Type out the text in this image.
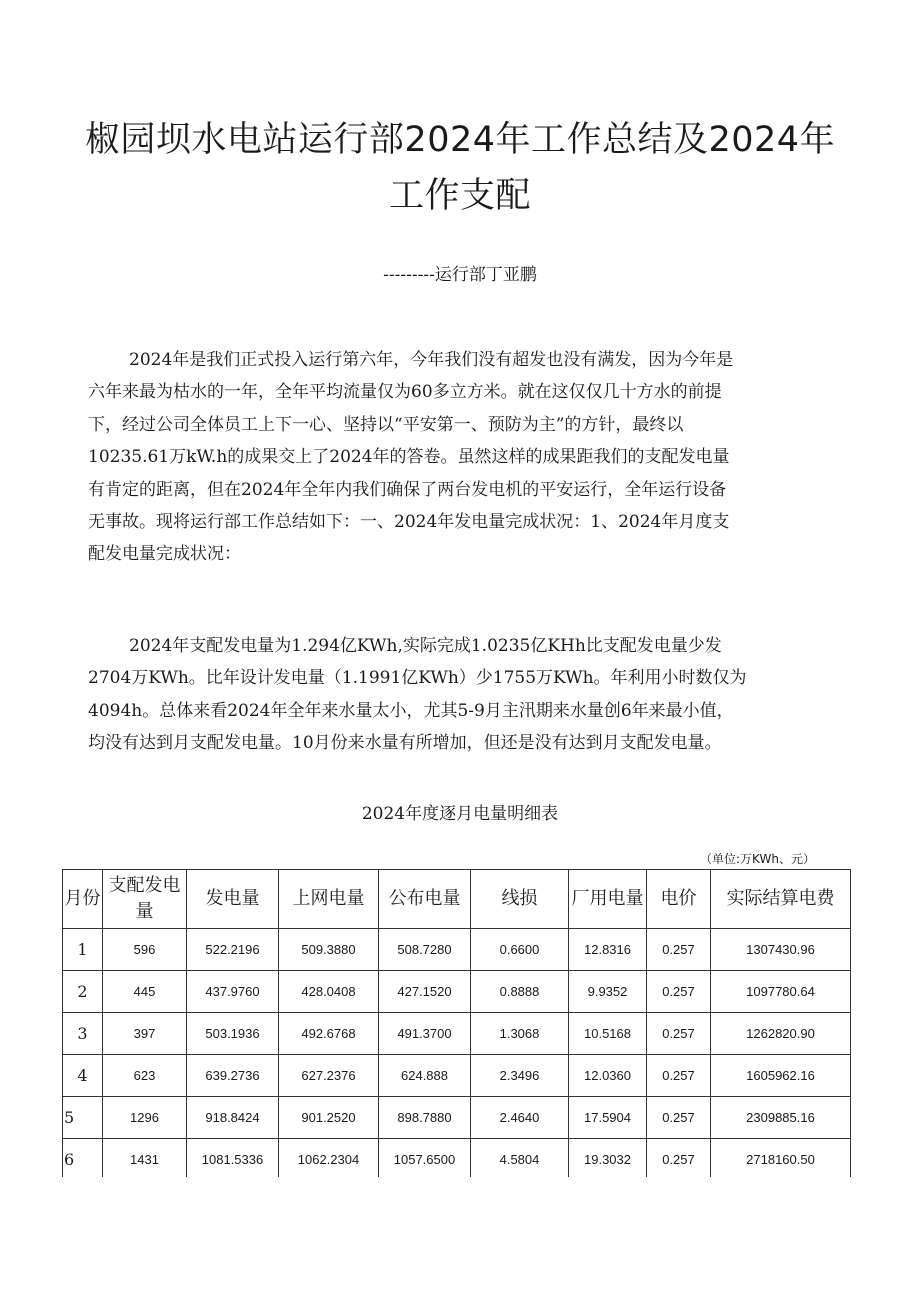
椒园坝水电站运行部2024年工作总结及2024年
工作支配
---------运行部丁亚鹏
2024年是我们正式投入运行第六年，今年我们没有超发也没有满发，因为今年是
六年来最为枯水的一年，全年平均流量仅为60多立方米。就在这仅仅几十方水的前提
下，经过公司全体员工上下一心、坚持以“平安第一、预防为主”的方针，最终以
10235.61万kW.h的成果交上了2024年的答卷。虽然这样的成果距我们的支配发电量
有肯定的距离，但在2024年全年内我们确保了两台发电机的平安运行，全年运行设备
无事故。现将运行部工作总结如下：一、2024年发电量完成状况：1、2024年月度支
配发电量完成状况：
2024年支配发电量为1.294亿KWh,实际完成1.0235亿KHh比支配发电量少发
2704万KWh。比年设计发电量（1.1991亿KWh）少1755万KWh。年利用小时数仅为
4094h。总体来看2024年全年来水量太小，尤其5-9月主汛期来水量创6年来最小值，
均没有达到月支配发电量。10月份来水量有所增加，但还是没有达到月支配发电量。
2024年度逐月电量明细表
（单位:万KWh、元）
月份	支配发电量	发电量	上网电量	公布电量	线损	厂用电量	电价	实际结算电费
1	596	522.2196	509.3880	508.7280	0.6600	12.8316	0.257	1307430.96
2	445	437.9760	428.0408	427.1520	0.8888	9.9352	0.257	1097780.64
3	397	503.1936	492.6768	491.3700	1.3068	10.5168	0.257	1262820.90
4	623	639.2736	627.2376	624.888	2.3496	12.0360	0.257	1605962.16
5	1296	918.8424	901.2520	898.7880	2.4640	17.5904	0.257	2309885.16
6	1431	1081.5336	1062.2304	1057.6500	4.5804	19.3032	0.257	2718160.50
